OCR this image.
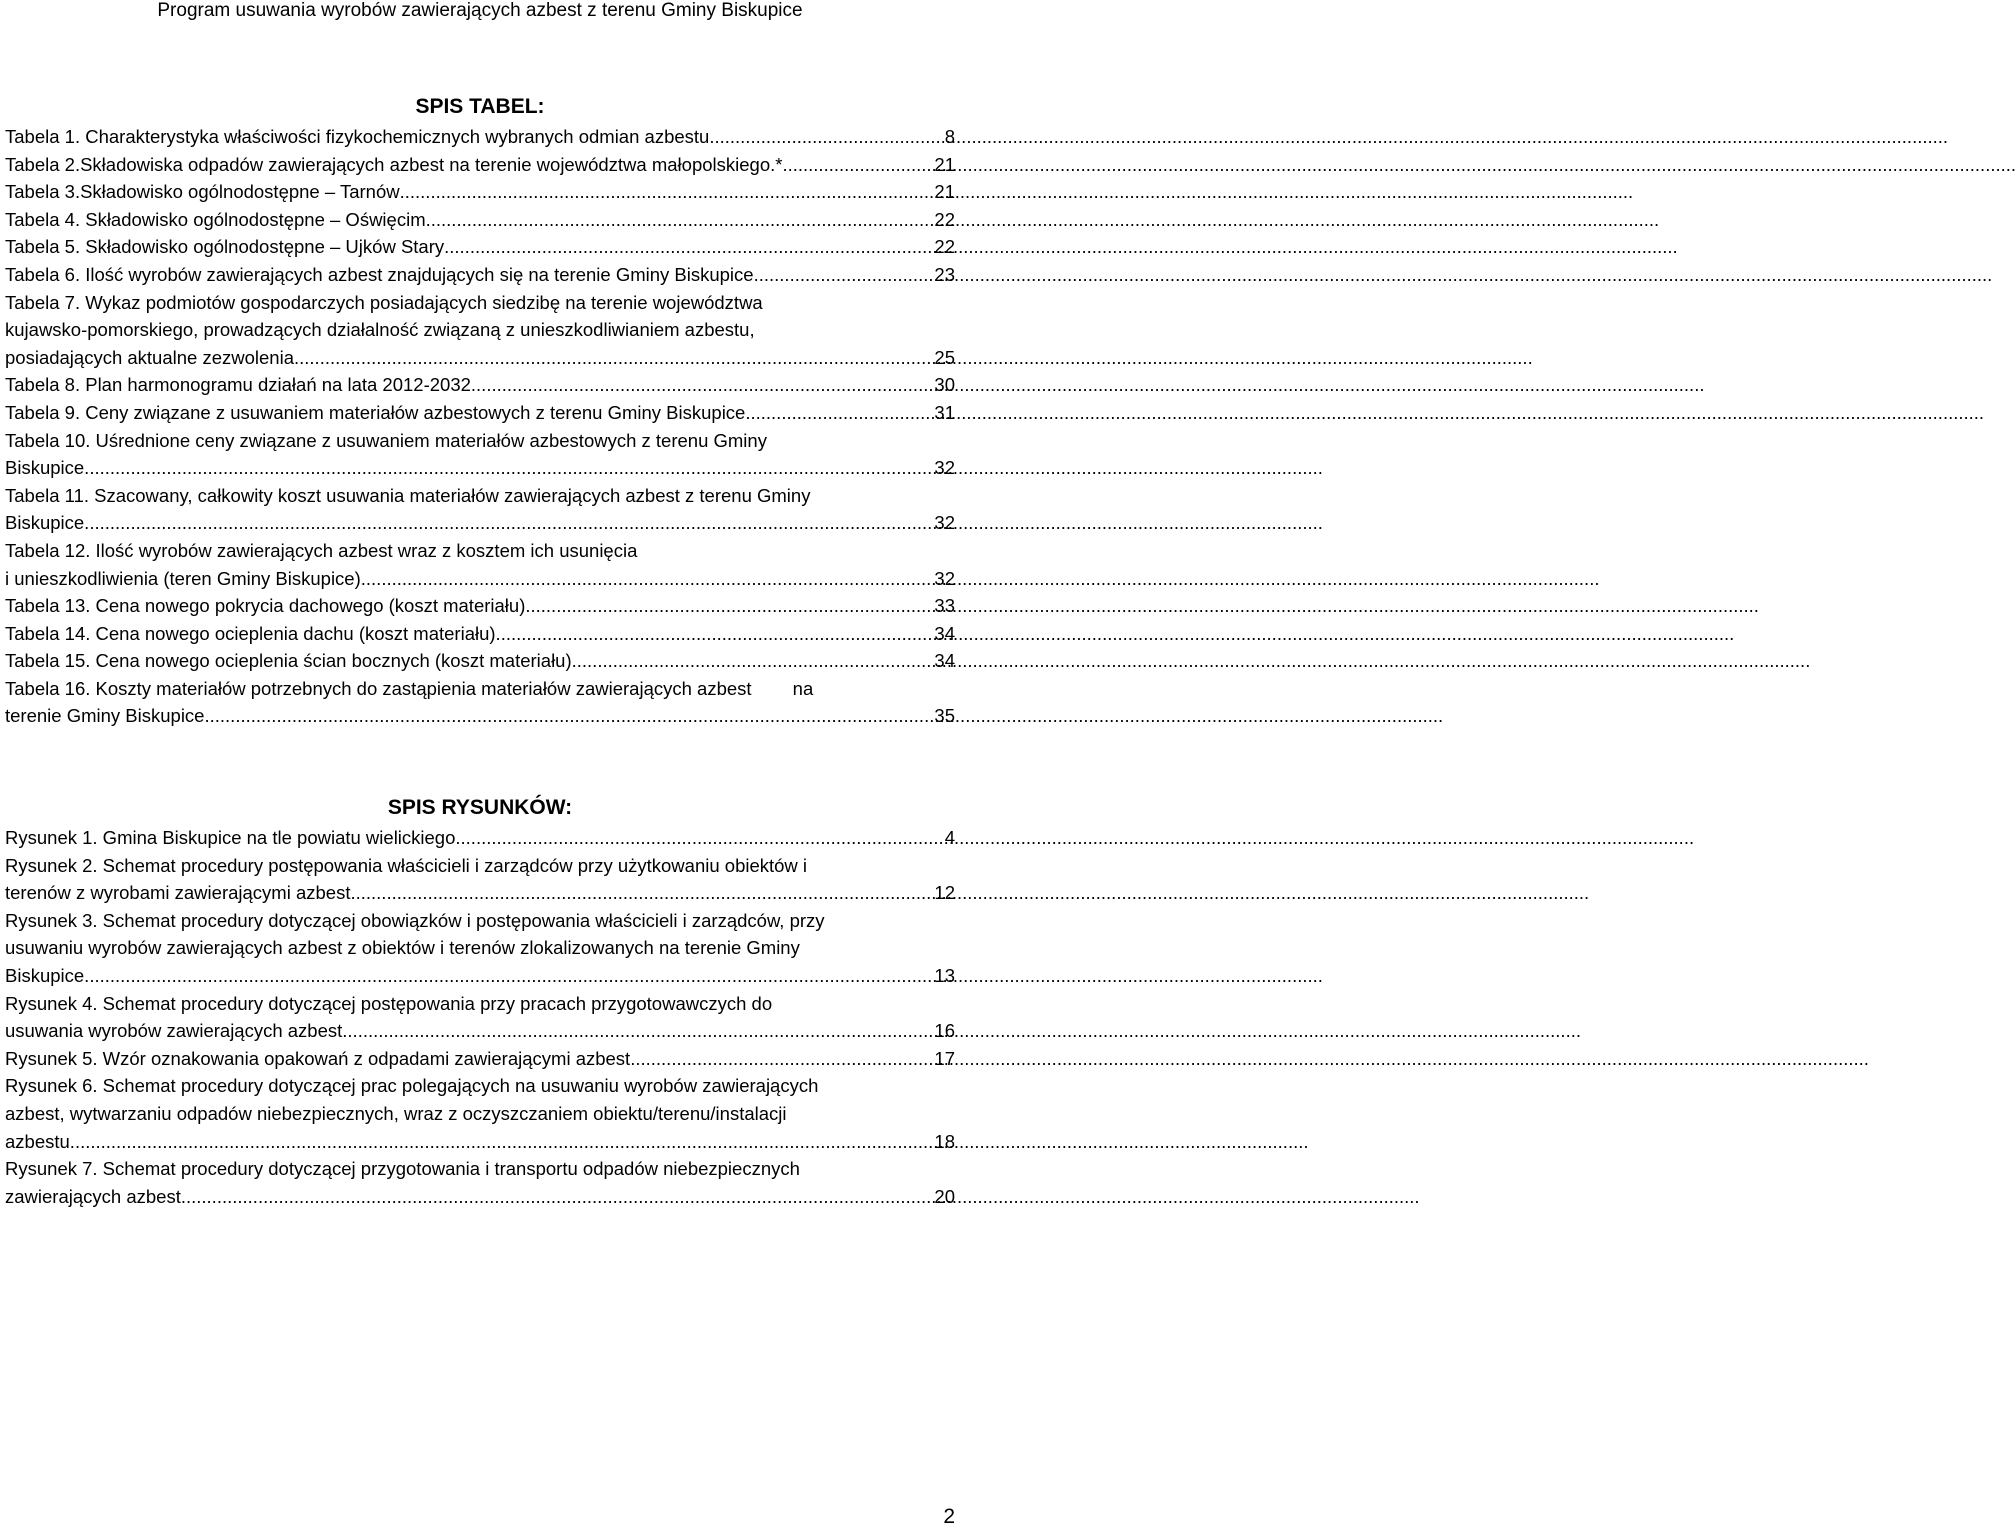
Program usuwania wyrobów zawierających azbest z terenu Gminy Biskupice
SPIS TABEL:
Tabela 1. Charakterystyka właściwości fizykochemicznych wybranych odmian azbestu. .....	8
Tabela 2.Składowiska odpadów zawierających azbest na terenie województwa małopolskiego.* .....	21
Tabela 3.Składowisko ogólnodostępne – Tarnów .....	21
Tabela 4. Składowisko ogólnodostępne – Oświęcim .....	22
Tabela 5. Składowisko ogólnodostępne – Ujków Stary .....	22
Tabela 6. Ilość wyrobów zawierających azbest znajdujących się na terenie Gminy Biskupice. .....	23
Tabela 7. Wykaz podmiotów gospodarczych posiadających siedzibę na terenie województwa
kujawsko-pomorskiego, prowadzących działalność związaną z unieszkodliwianiem azbestu,
posiadających aktualne zezwolenia. .....	25
Tabela 8. Plan harmonogramu działań na lata 2012-2032 .....	30
Tabela 9. Ceny związane z usuwaniem materiałów azbestowych z terenu Gminy Biskupice. .....	31
Tabela 10. Uśrednione ceny związane z usuwaniem materiałów azbestowych z terenu Gminy
Biskupice. .....	32
Tabela 11. Szacowany, całkowity koszt usuwania materiałów zawierających azbest z terenu Gminy
Biskupice. .....	32
Tabela 12. Ilość wyrobów zawierających azbest wraz z kosztem ich usunięcia
i unieszkodliwienia (teren Gminy Biskupice). .....	32
Tabela 13. Cena nowego pokrycia dachowego (koszt materiału) .....	33
Tabela 14. Cena nowego ocieplenia dachu (koszt materiału). .....	34
Tabela 15. Cena nowego ocieplenia ścian bocznych (koszt materiału). .....	34
Tabela 16. Koszty materiałów potrzebnych do zastąpienia materiałów zawierających azbest        na
terenie Gminy Biskupice. .....	35
SPIS RYSUNKÓW:
Rysunek 1. Gmina Biskupice na tle powiatu wielickiego. .....	4
Rysunek 2. Schemat procedury postępowania właścicieli i zarządców przy użytkowaniu obiektów i
terenów z wyrobami zawierającymi azbest. .....	12
Rysunek 3. Schemat procedury dotyczącej obowiązków i postępowania właścicieli i zarządców, przy
usuwaniu wyrobów zawierających azbest z obiektów i terenów zlokalizowanych na terenie Gminy
Biskupice. .....	13
Rysunek 4. Schemat procedury dotyczącej postępowania przy pracach przygotowawczych do
usuwania wyrobów zawierających azbest. .....	16
Rysunek 5. Wzór oznakowania opakowań z odpadami zawierającymi azbest. .....	17
Rysunek 6. Schemat procedury dotyczącej prac polegających na usuwaniu wyrobów zawierających
azbest, wytwarzaniu odpadów niebezpiecznych, wraz z oczyszczaniem obiektu/terenu/instalacji
azbestu. .....	18
Rysunek 7. Schemat procedury dotyczącej przygotowania i transportu odpadów niebezpiecznych
zawierających azbest. .....	20
2
